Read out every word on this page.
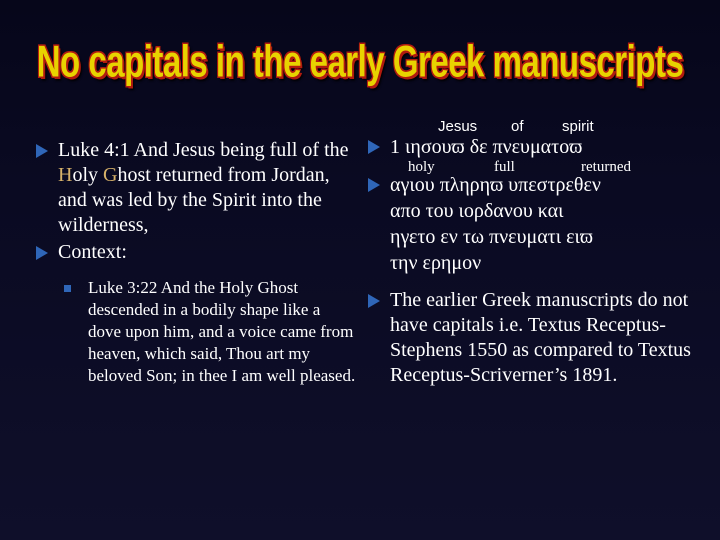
No capitals in the early Greek manuscripts
Luke 4:1 And Jesus being full of the Holy Ghost returned from Jordan, and was led by the Spirit into the wilderness,
Context:
Luke 3:22 And the Holy Ghost descended in a bodily shape like a dove upon him, and a voice came from heaven, which said, Thou art my beloved Son; in thee I am well pleased.
Jesus of	spirit
1 ιησουϖ δε πνευματοϖ
holy	full	returned
αγιου πληρηϖ υπεστρεθεν
απο του ιορδανου και
ηγετο εν τω πνευματι ειϖ
την ερημον
The earlier Greek manuscripts do not have capitals i.e. Textus Receptus-Stephens 1550 as compared to Textus Receptus-Scriverner’s 1891.
